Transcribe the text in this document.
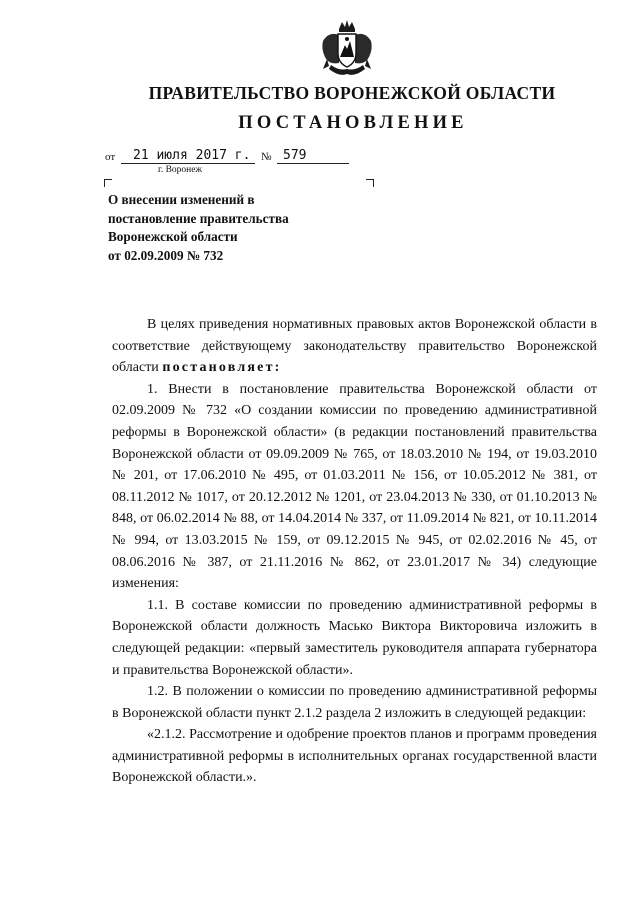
ПРАВИТЕЛЬСТВО ВОРОНЕЖСКОЙ ОБЛАСТИ
ПОСТАНОВЛЕНИЕ
от	21 июля 2017 г. № 579
г. Воронеж
О внесении изменений в
постановление правительства
Воронежской области
от 02.09.2009 № 732

В целях приведения нормативных правовых актов Воронежской области в соответствие действующему законодательству правительство Воронежской области постановляет:

1. Внести в постановление правительства Воронежской области от 02.09.2009 № 732 «О создании комиссии по проведению административной реформы в Воронежской области» (в редакции постановлений правительства Воронежской области от 09.09.2009 № 765, от 18.03.2010 № 194, от 19.03.2010 № 201, от 17.06.2010 № 495, от 01.03.2011 № 156, от 10.05.2012 № 381, от 08.11.2012 № 1017, от 20.12.2012 № 1201, от 23.04.2013 № 330, от 01.10.2013 № 848, от 06.02.2014 № 88, от 14.04.2014 № 337, от 11.09.2014 № 821, от 10.11.2014 № 994, от 13.03.2015 № 159, от 09.12.2015 № 945, от 02.02.2016 № 45, от 08.06.2016 № 387, от 21.11.2016 № 862, от 23.01.2017 № 34) следующие изменения:

1.1. В составе комиссии по проведению административной реформы в Воронежской области должность Масько Виктора Викторовича изложить в следующей редакции: «первый заместитель руководителя аппарата губернатора и правительства Воронежской области».

1.2. В положении о комиссии по проведению административной реформы в Воронежской области пункт 2.1.2 раздела 2 изложить в следующей редакции:

«2.1.2. Рассмотрение и одобрение проектов планов и программ проведения административной реформы в исполнительных органах государственной власти Воронежской области.».
